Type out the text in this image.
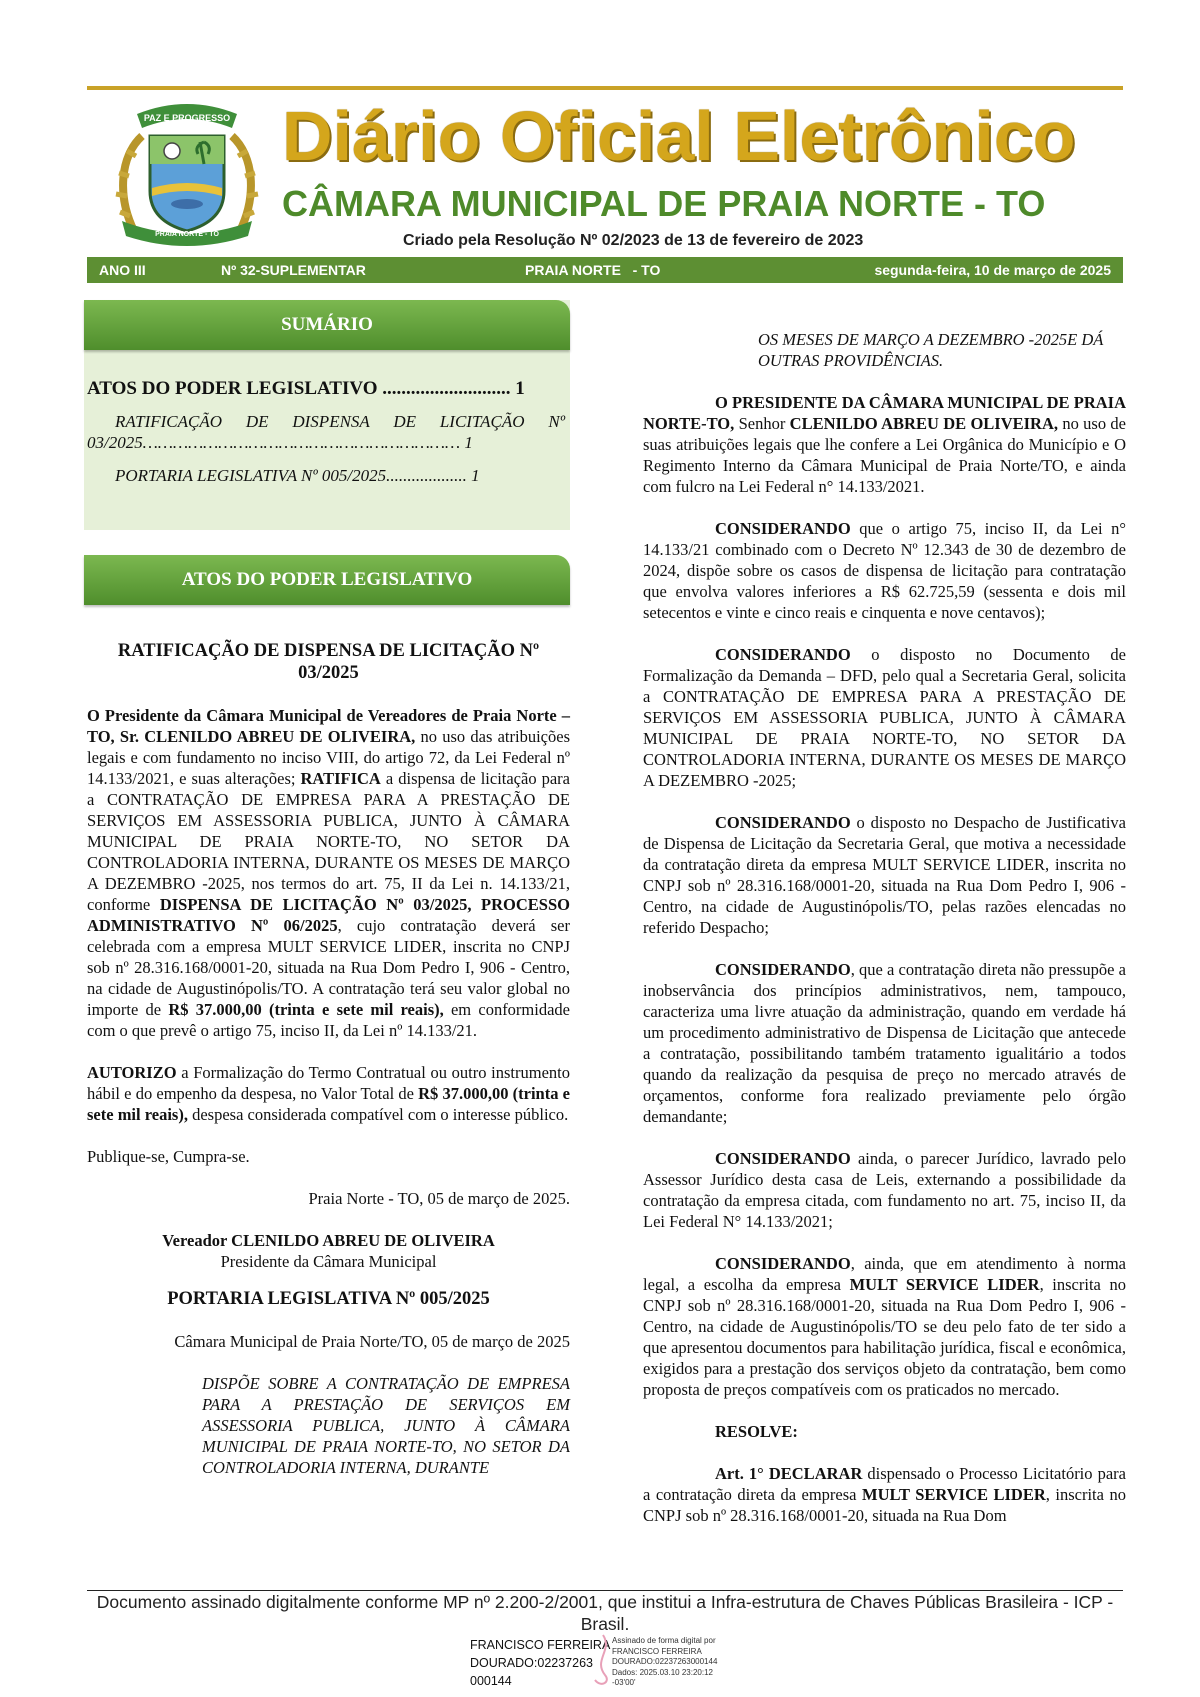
PAZ E PROGRESSO
PRAIA NORTE - TO
Diário Oficial Eletrônico
CÂMARA MUNICIPAL DE PRAIA NORTE - TO
Criado pela Resolução Nº 02/2023 de 13 de fevereiro de 2023
ANO III	Nº 32-SUPLEMENTAR	PRAIA NORTE   - TO	segunda-feira, 10 de março de 2025
SUMÁRIO

ATOS DO PODER LEGISLATIVO ........................... 1

RATIFICAÇÃO DE DISPENSA DE LICITAÇÃO Nº 03/2025……………………………………………………… 1

PORTARIA LEGISLATIVA Nº 005/2025................... 1

ATOS DO PODER LEGISLATIVO

RATIFICAÇÃO DE DISPENSA DE LICITAÇÃO Nº 03/2025

O Presidente da Câmara Municipal de Vereadores de Praia Norte – TO, Sr. CLENILDO ABREU DE OLIVEIRA, no uso das atribuições legais e com fundamento no inciso VIII, do artigo 72, da Lei Federal nº 14.133/2021, e suas alterações; RATIFICA a dispensa de licitação para a CONTRATAÇÃO DE EMPRESA PARA A PRESTAÇÃO DE SERVIÇOS EM ASSESSORIA PUBLICA, JUNTO À CÂMARA MUNICIPAL DE PRAIA NORTE-TO, NO SETOR DA CONTROLADORIA INTERNA, DURANTE OS MESES DE MARÇO A DEZEMBRO -2025, nos termos do art. 75, II da Lei n. 14.133/21, conforme DISPENSA DE LICITAÇÃO Nº 03/2025, PROCESSO ADMINISTRATIVO Nº 06/2025, cujo contratação deverá ser celebrada com a empresa MULT SERVICE LIDER, inscrita no CNPJ sob nº 28.316.168/0001-20, situada na Rua Dom Pedro I, 906 - Centro, na cidade de Augustinópolis/TO. A contratação terá seu valor global no importe de R$ 37.000,00 (trinta e sete mil reais), em conformidade com o que prevê o artigo 75, inciso II, da Lei nº 14.133/21.

AUTORIZO a Formalização do Termo Contratual ou outro instrumento hábil e do empenho da despesa, no Valor Total de R$ 37.000,00 (trinta e sete mil reais), despesa considerada compatível com o interesse público.

Publique-se, Cumpra-se.

Praia Norte - TO, 05 de março de 2025.

Vereador CLENILDO ABREU DE OLIVEIRA
Presidente da Câmara Municipal

PORTARIA LEGISLATIVA Nº 005/2025

Câmara Municipal de Praia Norte/TO, 05 de março de 2025

DISPÕE SOBRE A CONTRATAÇÃO DE EMPRESA PARA A PRESTAÇÃO DE SERVIÇOS EM ASSESSORIA PUBLICA, JUNTO À CÂMARA MUNICIPAL DE PRAIA NORTE-TO, NO SETOR DA CONTROLADORIA INTERNA, DURANTE

OS MESES DE MARÇO A DEZEMBRO -2025E DÁ OUTRAS PROVIDÊNCIAS.

O PRESIDENTE DA CÂMARA MUNICIPAL DE PRAIA NORTE-TO, Senhor CLENILDO ABREU DE OLIVEIRA, no uso de suas atribuições legais que lhe confere a Lei Orgânica do Município e O Regimento Interno da Câmara Municipal de Praia Norte/TO, e ainda com fulcro na Lei Federal n° 14.133/2021.

CONSIDERANDO que o artigo 75, inciso II, da Lei n° 14.133/21 combinado com o Decreto Nº 12.343 de 30 de dezembro de 2024, dispõe sobre os casos de dispensa de licitação para contratação que envolva valores inferiores a R$ 62.725,59 (sessenta e dois mil setecentos e vinte e cinco reais e cinquenta e nove centavos);

CONSIDERANDO o disposto no Documento de Formalização da Demanda – DFD, pelo qual a Secretaria Geral, solicita a CONTRATAÇÃO DE EMPRESA PARA A PRESTAÇÃO DE SERVIÇOS EM ASSESSORIA PUBLICA, JUNTO À CÂMARA MUNICIPAL DE PRAIA NORTE-TO, NO SETOR DA CONTROLADORIA INTERNA, DURANTE OS MESES DE MARÇO A DEZEMBRO -2025;

CONSIDERANDO o disposto no Despacho de Justificativa de Dispensa de Licitação da Secretaria Geral, que motiva a necessidade da contratação direta da empresa MULT SERVICE LIDER, inscrita no CNPJ sob nº 28.316.168/0001-20, situada na Rua Dom Pedro I, 906 - Centro, na cidade de Augustinópolis/TO, pelas razões elencadas no referido Despacho;

CONSIDERANDO, que a contratação direta não pressupõe a inobservância dos princípios administrativos, nem, tampouco, caracteriza uma livre atuação da administração, quando em verdade há um procedimento administrativo de Dispensa de Licitação que antecede a contratação, possibilitando também tratamento igualitário a todos quando da realização da pesquisa de preço no mercado através de orçamentos, conforme fora realizado previamente pelo órgão demandante;

CONSIDERANDO ainda, o parecer Jurídico, lavrado pelo Assessor Jurídico desta casa de Leis, externando a possibilidade da contratação da empresa citada, com fundamento no art. 75, inciso II, da Lei Federal N° 14.133/2021;

CONSIDERANDO, ainda, que em atendimento à norma legal, a escolha da empresa MULT SERVICE LIDER, inscrita no CNPJ sob nº 28.316.168/0001-20, situada na Rua Dom Pedro I, 906 - Centro, na cidade de Augustinópolis/TO se deu pelo fato de ter sido a que apresentou documentos para habilitação jurídica, fiscal e econômica, exigidos para a prestação dos serviços objeto da contratação, bem como proposta de preços compatíveis com os praticados no mercado.

RESOLVE:

Art. 1° DECLARAR dispensado o Processo Licitatório para a contratação direta da empresa MULT SERVICE LIDER, inscrita no CNPJ sob nº 28.316.168/0001-20, situada na Rua Dom

Documento assinado digitalmente conforme MP nº 2.200-2/2001, que institui a Infra-estrutura de Chaves Públicas Brasileira - ICP - Brasil.
FRANCISCO FERREIRA
DOURADO:02237263
000144
Assinado de forma digital por
FRANCISCO FERREIRA
DOURADO:02237263000144
Dados: 2025.03.10 23:20:12
-03'00'
